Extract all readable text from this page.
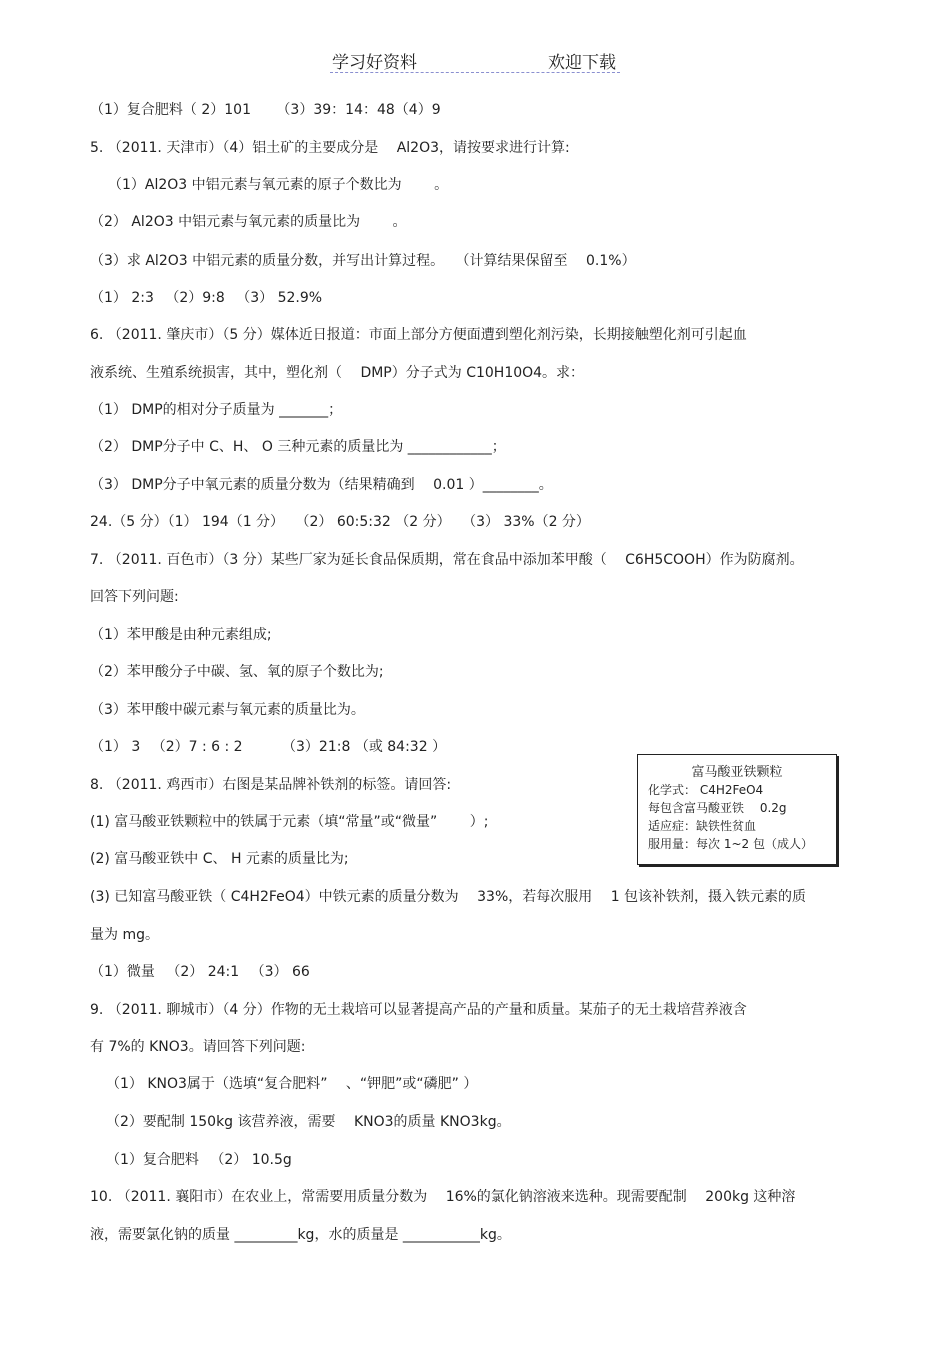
学习好资料	欢迎下载
（1）复合肥料（ 2）101 　　（3）39：14：48（4）9
5. （2011. 天津市）（4）铝土矿的主要成分是 　Al2O3，请按要求进行计算:
（1）Al2O3 中铝元素与氧元素的原子个数比为 　　。
（2） Al2O3 中铝元素与氧元素的质量比为 　　。
（3）求 Al2O3 中铝元素的质量分数，并写出计算过程。 　（计算结果保留至 　0.1%）
（1） 2:3 　（2）9:8 　（3） 52.9%
6. （2011. 肇庆市）（5 分）媒体近日报道：市面上部分方便面遭到塑化剂污染，长期接触塑化剂可引起血
液系统、生殖系统损害，其中，塑化剂（ 　DMP）分子式为 C10H10O4。求：
（1） DMP的相对分子质量为 _______；
（2） DMP分子中 C、H、 O 三种元素的质量比为 ____________；
（3） DMP分子中氧元素的质量分数为（结果精确到 　0.01 ）________。
24.（5 分）（1） 194（1 分） 　（2） 60:5:32 （2 分） 　（3） 33%（2 分）
7. （2011. 百色市）（3 分）某些厂家为延长食品保质期，常在食品中添加苯甲酸（ 　C6H5COOH）作为防腐剂。
回答下列问题:
（1）苯甲酸是由种元素组成;
（2）苯甲酸分子中碳、氢、氧的原子个数比为;
（3）苯甲酸中碳元素与氧元素的质量比为。
（1） 3 　（2）7 : 6 : 2 　　　（3）21:8 （或 84:32 ）
8. （2011. 鸡西市）右图是某品牌补铁剂的标签。请回答:
(1) 富马酸亚铁颗粒中的铁属于元素（填“常量”或“微量” 　　）;
(2) 富马酸亚铁中 C、 H 元素的质量比为;
(3) 已知富马酸亚铁（ C4H2FeO4）中铁元素的质量分数为 　33%，若每次服用 　1 包该补铁剂，摄入铁元素的质
量为 mg。
（1）微量 　（2） 24:1 　（3） 66
9. （2011. 聊城市）（4 分）作物的无土栽培可以显著提高产品的产量和质量。某茄子的无土栽培营养液含
有 7%的 KNO3。请回答下列问题:
（1） KNO3属于（选填“复合肥料” 　、“钾肥”或“磷肥” ）
（2）要配制 150kg 该营养液，需要 　KNO3的质量 KNO3kg。
（1）复合肥料 　（2） 10.5g
10. （2011. 襄阳市）在农业上，常需要用质量分数为 　16%的氯化钠溶液来选种。现需要配制 　200kg 这种溶
液，需要氯化钠的质量 _________kg，水的质量是 ___________kg。
富马酸亚铁颗粒
化学式： C4H2FeO4
每包含富马酸亚铁 　0.2g
适应症：缺铁性贫血
服用量：每次 1~2 包（成人）
